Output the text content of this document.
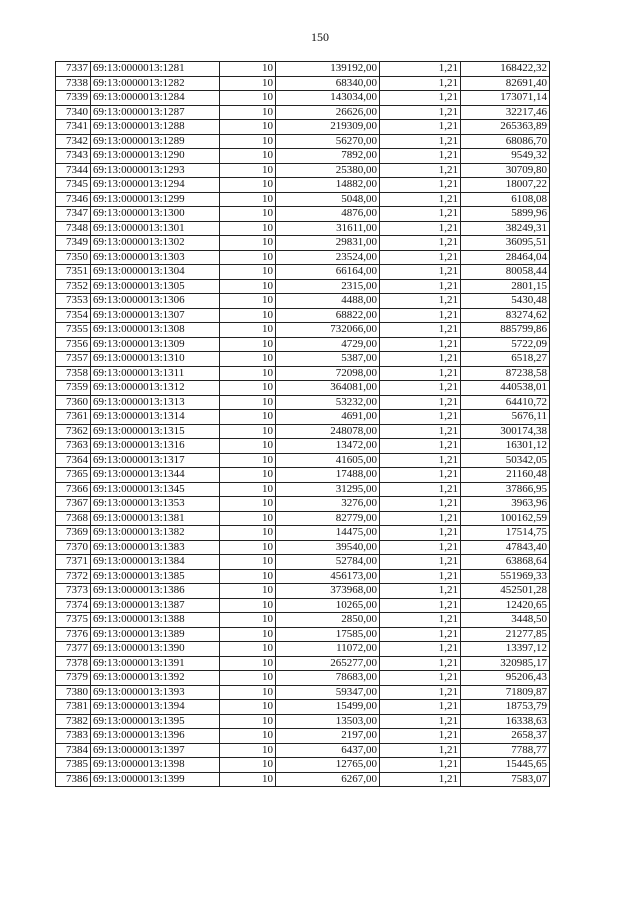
150
7337	69:13:0000013:1281	10	139192,00	1,21	168422,32
7338	69:13:0000013:1282	10	68340,00	1,21	82691,40
7339	69:13:0000013:1284	10	143034,00	1,21	173071,14
7340	69:13:0000013:1287	10	26626,00	1,21	32217,46
7341	69:13:0000013:1288	10	219309,00	1,21	265363,89
7342	69:13:0000013:1289	10	56270,00	1,21	68086,70
7343	69:13:0000013:1290	10	7892,00	1,21	9549,32
7344	69:13:0000013:1293	10	25380,00	1,21	30709,80
7345	69:13:0000013:1294	10	14882,00	1,21	18007,22
7346	69:13:0000013:1299	10	5048,00	1,21	6108,08
7347	69:13:0000013:1300	10	4876,00	1,21	5899,96
7348	69:13:0000013:1301	10	31611,00	1,21	38249,31
7349	69:13:0000013:1302	10	29831,00	1,21	36095,51
7350	69:13:0000013:1303	10	23524,00	1,21	28464,04
7351	69:13:0000013:1304	10	66164,00	1,21	80058,44
7352	69:13:0000013:1305	10	2315,00	1,21	2801,15
7353	69:13:0000013:1306	10	4488,00	1,21	5430,48
7354	69:13:0000013:1307	10	68822,00	1,21	83274,62
7355	69:13:0000013:1308	10	732066,00	1,21	885799,86
7356	69:13:0000013:1309	10	4729,00	1,21	5722,09
7357	69:13:0000013:1310	10	5387,00	1,21	6518,27
7358	69:13:0000013:1311	10	72098,00	1,21	87238,58
7359	69:13:0000013:1312	10	364081,00	1,21	440538,01
7360	69:13:0000013:1313	10	53232,00	1,21	64410,72
7361	69:13:0000013:1314	10	4691,00	1,21	5676,11
7362	69:13:0000013:1315	10	248078,00	1,21	300174,38
7363	69:13:0000013:1316	10	13472,00	1,21	16301,12
7364	69:13:0000013:1317	10	41605,00	1,21	50342,05
7365	69:13:0000013:1344	10	17488,00	1,21	21160,48
7366	69:13:0000013:1345	10	31295,00	1,21	37866,95
7367	69:13:0000013:1353	10	3276,00	1,21	3963,96
7368	69:13:0000013:1381	10	82779,00	1,21	100162,59
7369	69:13:0000013:1382	10	14475,00	1,21	17514,75
7370	69:13:0000013:1383	10	39540,00	1,21	47843,40
7371	69:13:0000013:1384	10	52784,00	1,21	63868,64
7372	69:13:0000013:1385	10	456173,00	1,21	551969,33
7373	69:13:0000013:1386	10	373968,00	1,21	452501,28
7374	69:13:0000013:1387	10	10265,00	1,21	12420,65
7375	69:13:0000013:1388	10	2850,00	1,21	3448,50
7376	69:13:0000013:1389	10	17585,00	1,21	21277,85
7377	69:13:0000013:1390	10	11072,00	1,21	13397,12
7378	69:13:0000013:1391	10	265277,00	1,21	320985,17
7379	69:13:0000013:1392	10	78683,00	1,21	95206,43
7380	69:13:0000013:1393	10	59347,00	1,21	71809,87
7381	69:13:0000013:1394	10	15499,00	1,21	18753,79
7382	69:13:0000013:1395	10	13503,00	1,21	16338,63
7383	69:13:0000013:1396	10	2197,00	1,21	2658,37
7384	69:13:0000013:1397	10	6437,00	1,21	7788,77
7385	69:13:0000013:1398	10	12765,00	1,21	15445,65
7386	69:13:0000013:1399	10	6267,00	1,21	7583,07
